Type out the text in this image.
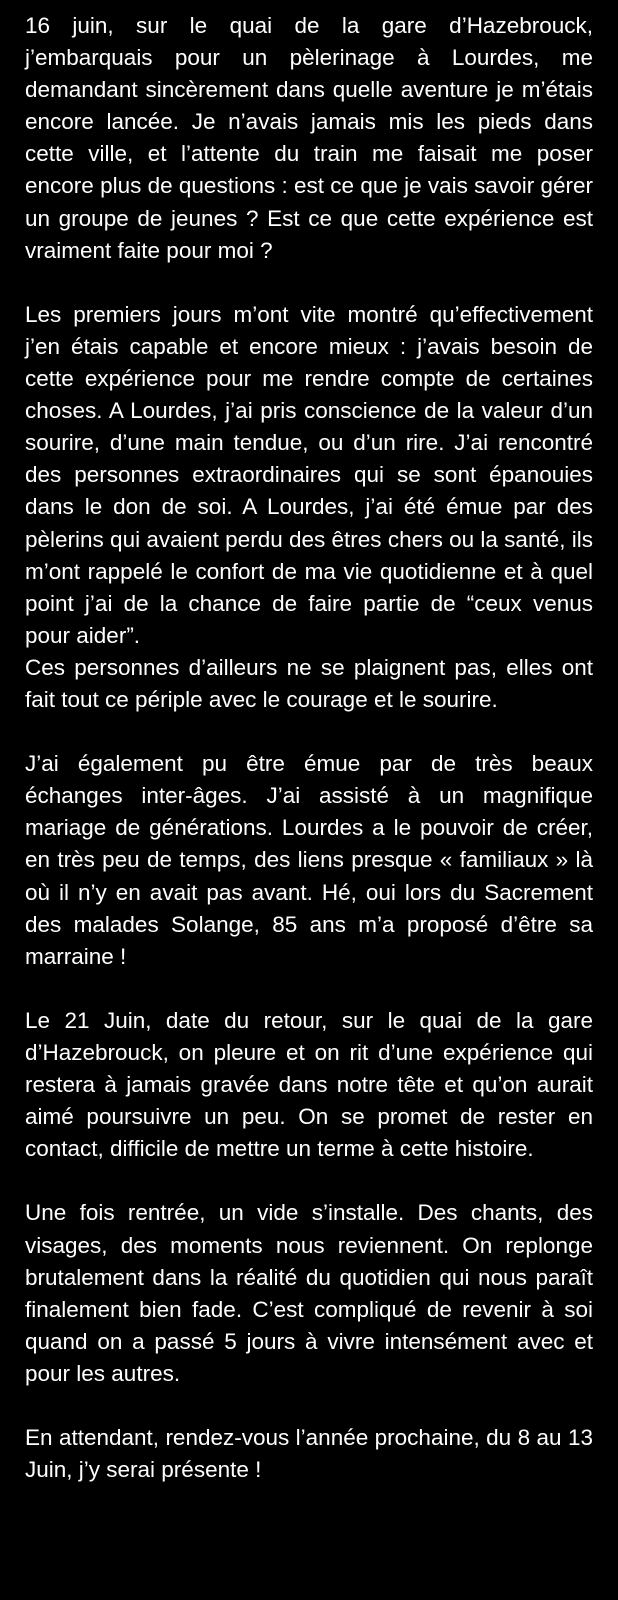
16 juin, sur le quai de la gare d’Hazebrouck, j’embarquais pour un pèlerinage à Lourdes, me demandant sincèrement dans quelle aventure je m’étais encore lancée. Je n’avais jamais mis les pieds dans cette ville, et l’attente du train me faisait me poser encore plus de questions : est ce que je vais savoir gérer un groupe de jeunes ? Est ce que cette expérience est vraiment faite pour moi ?
Les premiers jours m’ont vite montré qu’effectivement j’en étais capable et encore mieux : j’avais besoin de cette expérience pour me rendre compte de certaines choses. A Lourdes, j’ai pris conscience de la valeur d’un sourire, d’une main tendue, ou d’un rire. J’ai rencontré des personnes extraordinaires qui se sont épanouies dans le don de soi. A Lourdes, j’ai été émue par des pèlerins qui avaient perdu des êtres chers ou la santé, ils m’ont rappelé le confort de ma vie quotidienne et à quel point j’ai de la chance de faire partie de “ceux venus pour aider”.
Ces personnes d’ailleurs ne se plaignent pas, elles ont fait tout ce périple avec le courage et le sourire.
J’ai également pu être émue par de très beaux échanges inter-âges. J’ai assisté à un magnifique mariage de générations. Lourdes a le pouvoir de créer, en très peu de temps, des liens presque « familiaux » là où il n’y en avait pas avant. Hé, oui lors du Sacrement des malades Solange, 85 ans m’a proposé d’être sa marraine !
Le 21 Juin, date du retour, sur le quai de la gare d’Hazebrouck, on pleure et on rit d’une expérience qui restera à jamais gravée dans notre tête et qu’on aurait aimé poursuivre un peu. On se promet de rester en contact, difficile de mettre un terme à cette histoire.
Une fois rentrée, un vide s’installe. Des chants, des visages, des moments nous reviennent. On replonge brutalement dans la réalité du quotidien qui nous paraît finalement bien fade. C’est compliqué de revenir à soi quand on a passé 5 jours à vivre intensément avec et pour les autres.
En attendant, rendez-vous l’année prochaine, du 8 au 13 Juin, j’y serai présente !
